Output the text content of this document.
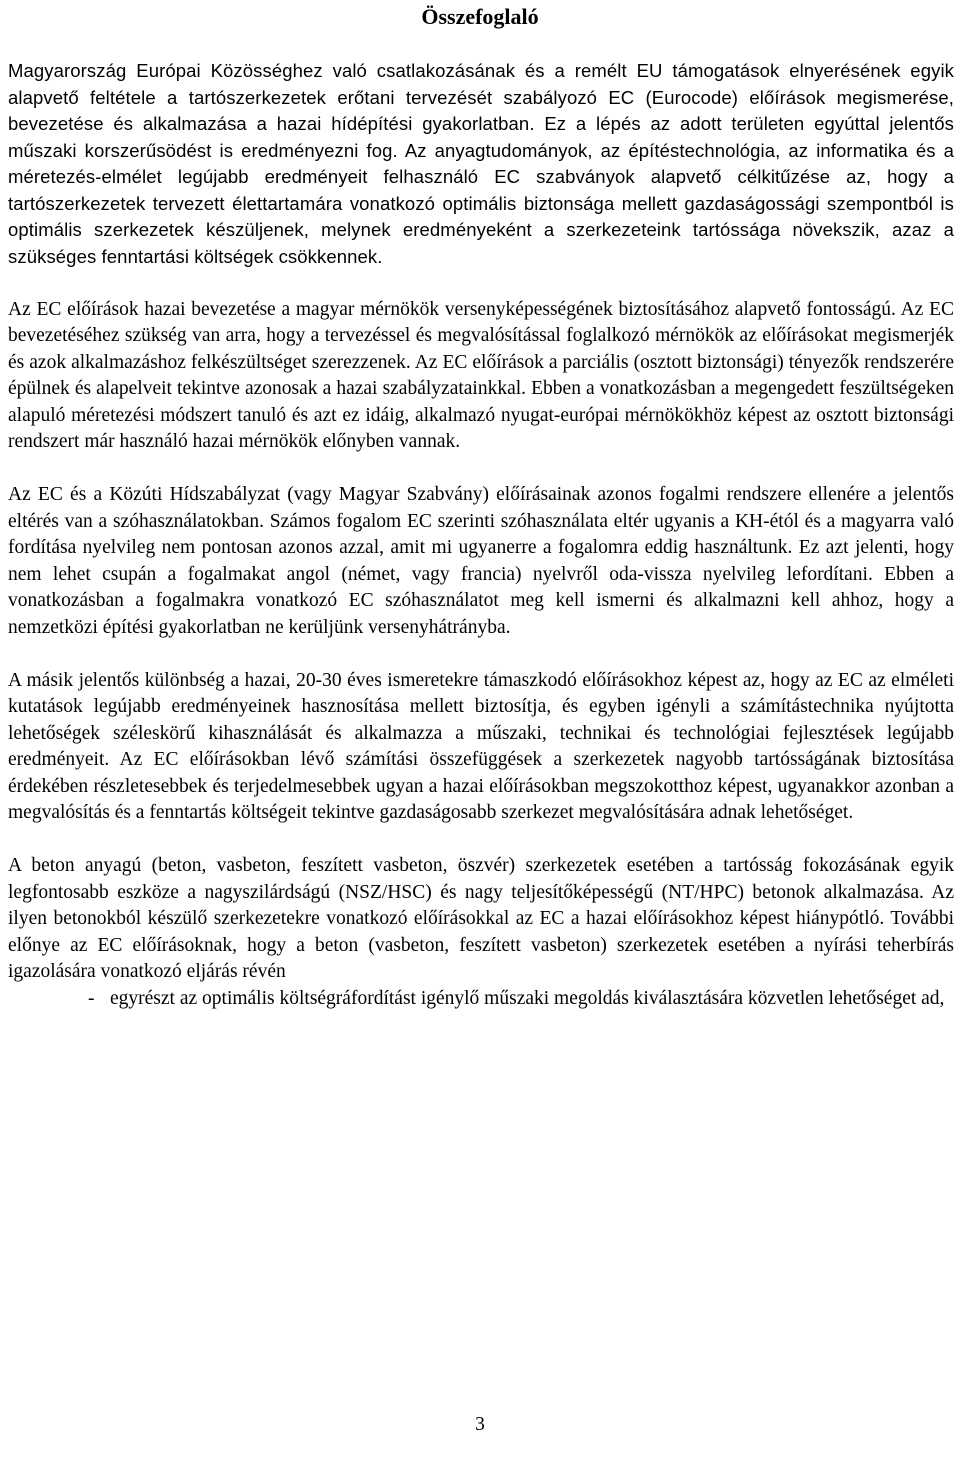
Összefoglaló

Magyarország Európai Közösséghez való csatlakozásának és a remélt EU támogatások elnyerésének egyik alapvető feltétele a tartószerkezetek erőtani tervezését szabályozó EC (Eurocode) előírások megismerése, bevezetése és alkalmazása a hazai hídépítési gyakorlatban. Ez a lépés az adott területen egyúttal jelentős műszaki korszerűsödést is eredményezni fog. Az anyagtudományok, az építéstechnológia, az informatika és a méretezés-elmélet legújabb eredményeit felhasználó EC szabványok alapvető célkitűzése az, hogy a tartószerkezetek tervezett élettartamára vonatkozó optimális biztonsága mellett gazdaságossági szempontból is optimális szerkezetek készüljenek, melynek eredményeként a szerkezeteink tartóssága növekszik, azaz a szükséges fenntartási költségek csökkennek.

Az EC előírások hazai bevezetése a magyar mérnökök versenyképességének biztosításához alapvető fontosságú. Az EC bevezetéséhez szükség van arra, hogy a tervezéssel és megvalósítással foglalkozó mérnökök az előírásokat megismerjék és azok alkalmazáshoz felkészültséget szerezzenek. Az EC előírások a parciális (osztott biztonsági) tényezők rendszerére épülnek és alapelveit tekintve azonosak a hazai szabályzatainkkal. Ebben a vonatkozásban a megengedett feszültségeken alapuló méretezési módszert tanuló és azt ez idáig, alkalmazó nyugat-európai mérnökökhöz képest az osztott biztonsági rendszert már használó hazai mérnökök előnyben vannak.

Az EC és a Közúti Hídszabályzat (vagy Magyar Szabvány) előírásainak azonos fogalmi rendszere ellenére a jelentős eltérés van a szóhasználatokban. Számos fogalom EC szerinti szóhasználata eltér ugyanis a KH-étól és a magyarra való fordítása nyelvileg nem pontosan azonos azzal, amit mi ugyanerre a fogalomra eddig használtunk. Ez azt jelenti, hogy nem lehet csupán a fogalmakat angol (német, vagy francia) nyelvről oda-vissza nyelvileg lefordítani. Ebben a vonatkozásban a fogalmakra vonatkozó EC szóhasználatot meg kell ismerni és alkalmazni kell ahhoz, hogy a nemzetközi építési gyakorlatban ne kerüljünk versenyhátrányba.

A másik jelentős különbség a hazai, 20-30 éves ismeretekre támaszkodó előírásokhoz képest az, hogy az EC az elméleti kutatások legújabb eredményeinek hasznosítása mellett biztosítja, és egyben igényli a számítástechnika nyújtotta lehetőségek széleskörű kihasználását és alkalmazza a műszaki, technikai és technológiai fejlesztések legújabb eredményeit. Az EC előírásokban lévő számítási összefüggések a szerkezetek nagyobb tartósságának biztosítása érdekében részletesebbek és terjedelmesebbek ugyan a hazai előírásokban megszokotthoz képest, ugyanakkor azonban a megvalósítás és a fenntartás költségeit tekintve gazdaságosabb szerkezet megvalósítására adnak lehetőséget.

A beton anyagú (beton, vasbeton, feszített vasbeton, öszvér) szerkezetek esetében a tartósság fokozásának egyik legfontosabb eszköze a nagyszilárdságú (NSZ/HSC) és nagy teljesítőképességű (NT/HPC) betonok alkalmazása. Az ilyen betonokból készülő szerkezetekre vonatkozó előírásokkal az EC a hazai előírásokhoz képest hiánypótló. További előnye az EC előírásoknak, hogy a beton (vasbeton, feszített vasbeton) szerkezetek esetében a nyírási teherbírás igazolására vonatkozó eljárás révén

- egyrészt az optimális költségráfordítást igénylő műszaki megoldás kiválasztására közvetlen lehetőséget ad,
3
